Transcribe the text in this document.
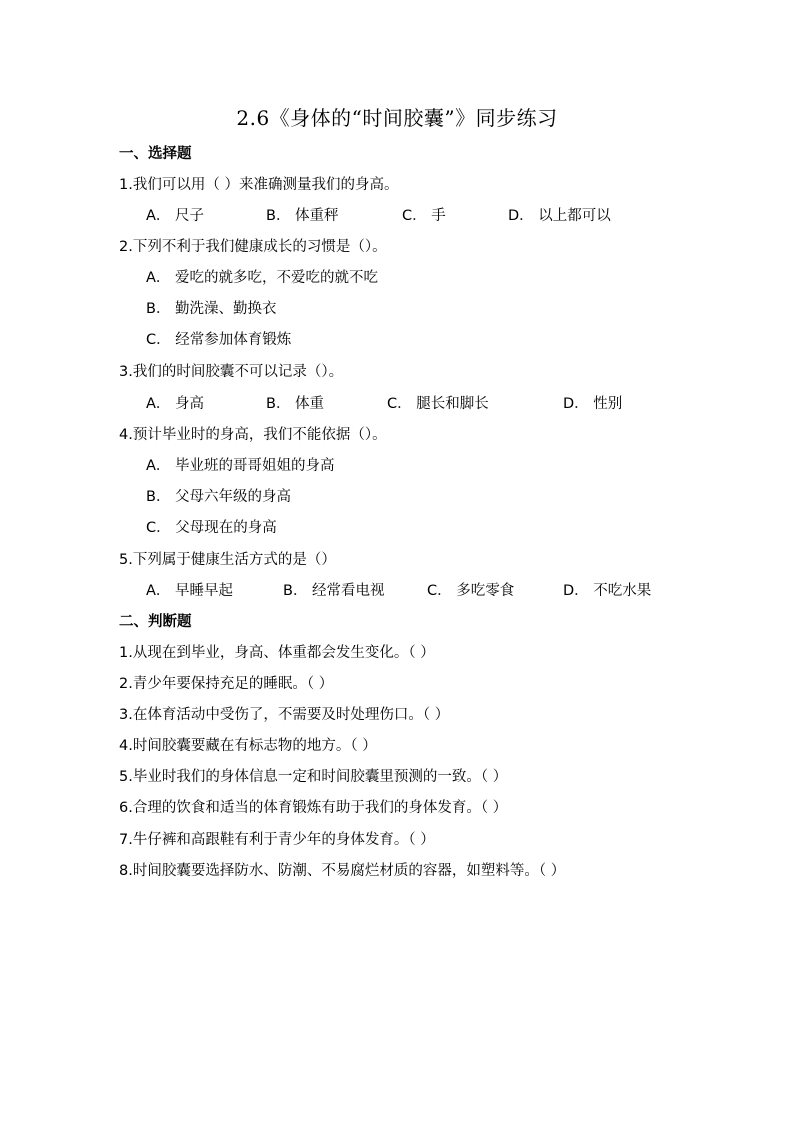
2.6《身体的“时间胶囊”》同步练习
一、选择题
1.我们可以用（ ）来准确测量我们的身高。
A． 尺子	B． 体重秤	C． 手	D． 以上都可以
2.下列不利于我们健康成长的习惯是（）。
A． 爱吃的就多吃，不爱吃的就不吃
B． 勤洗澡、勤换衣
C． 经常参加体育锻炼
3.我们的时间胶囊不可以记录（）。
A． 身高	B． 体重	C． 腿长和脚长	D． 性别
4.预计毕业时的身高，我们不能依据（）。
A． 毕业班的哥哥姐姐的身高
B． 父母六年级的身高
C． 父母现在的身高
5.下列属于健康生活方式的是（）
A． 早睡早起	B． 经常看电视	C． 多吃零食	D． 不吃水果
二、判断题
1.从现在到毕业，身高、体重都会发生变化。（ ）
2.青少年要保持充足的睡眠。（ ）
3.在体育活动中受伤了，不需要及时处理伤口。（ ）
4.时间胶囊要藏在有标志物的地方。（ ）
5.毕业时我们的身体信息一定和时间胶囊里预测的一致。（ ）
6.合理的饮食和适当的体育锻炼有助于我们的身体发育。（ ）
7.牛仔裤和高跟鞋有利于青少年的身体发育。（ ）
8.时间胶囊要选择防水、防潮、不易腐烂材质的容器，如塑料等。（ ）
